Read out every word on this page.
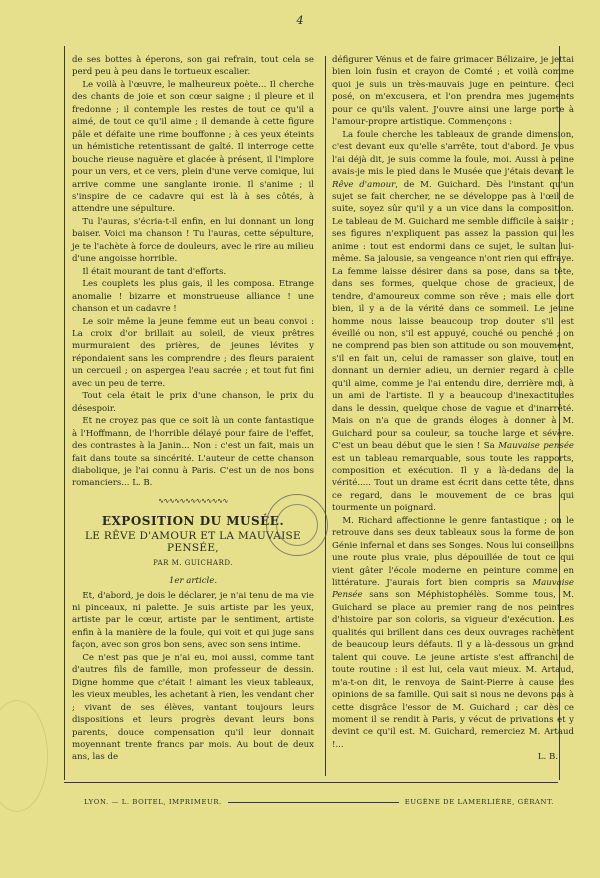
4

de ses bottes à éperons, son gai refrain, tout cela se perd peu à peu dans le tortueux escalier.

Le voilà à l'œuvre, le malheureux poète... Il cherche des chants de joie et son cœur saigne ; il pleure et il fredonne ; il contemple les restes de tout ce qu'il a aimé, de tout ce qu'il aime ; il demande à cette figure pâle et défaite une rime bouffonne ; à ces yeux éteints un hémistiche retentissant de gaîté. Il interroge cette bouche rieuse naguère et glacée à présent, il l'implore pour un vers, et ce vers, plein d'une verve comique, lui arrive comme une sanglante ironie. Il s'anime ; il s'inspire de ce cadavre qui est là à ses côtés, à attendre une sépulture.

Tu l'auras, s'écria-t-il enfin, en lui donnant un long baiser. Voici ma chanson ! Tu l'auras, cette sépulture, je te l'achète à force de douleurs, avec le rire au milieu d'une angoisse horrible.

Il était mourant de tant d'efforts.

Les couplets les plus gais, il les composa. Etrange anomalie ! bizarre et monstrueuse alliance ! une chanson et un cadavre !

Le soir même la jeune femme eut un beau convoi : La croix d'or brillait au soleil, de vieux prêtres murmuraient des prières, de jeunes lévites y répondaient sans les comprendre ; des fleurs paraient un cercueil ; on aspergea l'eau sacrée ; et tout fut fini avec un peu de terre.

Tout cela était le prix d'une chanson, le prix du désespoir.

Et ne croyez pas que ce soit là un conte fantastique à l'Hoffmann, de l'horrible délayé pour faire de l'effet, des contrastes à la Janin... Non : c'est un fait, mais un fait dans toute sa sincérité. L'auteur de cette chanson diabolique, je l'ai connu à Paris. C'est un de nos bons romanciers... L. B.

∿∿∿∿∿∿∿∿∿∿∿∿∿
EXPOSITION DU MUSÉE.
LE RÊVE D'AMOUR ET LA MAUVAISE PENSÉE,
PAR M. GUICHARD.
1er article.

Et, d'abord, je dois le déclarer, je n'ai tenu de ma vie ni pinceaux, ni palette. Je suis artiste par les yeux, artiste par le cœur, artiste par le sentiment, artiste enfin à la manière de la foule, qui voit et qui juge sans façon, avec son gros bon sens, avec son sens intime.

Ce n'est pas que je n'ai eu, moi aussi, comme tant d'autres fils de famille, mon professeur de dessin. Digne homme que c'était ! aimant les vieux tableaux, les vieux meubles, les achetant à rien, les vendant cher ; vivant de ses élèves, vantant toujours leurs dispositions et leurs progrès devant leurs bons parents, douce compensation qu'il leur donnait moyennant trente francs par mois. Au bout de deux ans, las de

défigurer Vénus et de faire grimacer Bélizaire, je jettai bien loin fusin et crayon de Comté ; et voilà comme quoi je suis un très-mauvais juge en peinture. Ceci posé, on m'excusera, et l'on prendra mes jugements pour ce qu'ils valent. J'ouvre ainsi une large porte à l'amour-propre artistique. Commençons :

La foule cherche les tableaux de grande dimension, c'est devant eux qu'elle s'arrête, tout d'abord. Je vous l'ai déjà dit, je suis comme la foule, moi. Aussi à peine avais-je mis le pied dans le Musée que j'étais devant le Rêve d'amour, de M. Guichard. Dès l'instant qu'un sujet se fait chercher, ne se développe pas à l'œil de suite, soyez sûr qu'il y a un vice dans la composition. Le tableau de M. Guichard me semble difficile à saisir ; ses figures n'expliquent pas assez la passion qui les anime : tout est endormi dans ce sujet, le sultan lui-même. Sa jalousie, sa vengeance n'ont rien qui effraye. La femme laisse désirer dans sa pose, dans sa tête, dans ses formes, quelque chose de gracieux, de tendre, d'amoureux comme son rêve ; mais elle dort bien, il y a de la vérité dans ce sommeil. Le jeune homme nous laisse beaucoup trop douter s'il est éveillé ou non, s'il est appuyé, couché ou penché ; on ne comprend pas bien son attitude ou son mouvement, s'il en fait un, celui de ramasser son glaive, tout en donnant un dernier adieu, un dernier regard à celle qu'il aime, comme je l'ai entendu dire, derrière moi, à un ami de l'artiste. Il y a beaucoup d'inexactitudes dans le dessin, quelque chose de vague et d'inarrêté. Mais on n'a que de grands éloges à donner à M. Guichard pour sa couleur, sa touche large et sévère. C'est un beau début que le sien ! Sa Mauvaise pensée est un tableau remarquable, sous toute les rapports, composition et exécution. Il y a là-dedans de la vérité..... Tout un drame est écrit dans cette tête, dans ce regard, dans le mouvement de ce bras qui tourmente un poignard.

M. Richard affectionne le genre fantastique ; on le retrouve dans ses deux tableaux sous la forme de son Génie infernal et dans ses Songes. Nous lui conseillons une route plus vraie, plus dépouillée de tout ce qui vient gâter l'école moderne en peinture comme en littérature. J'aurais fort bien compris sa Mauvaise Pensée sans son Méphistophélès. Somme tous, M. Guichard se place au premier rang de nos peintres d'histoire par son coloris, sa vigueur d'exécution. Les qualités qui brillent dans ces deux ouvrages rachètent de beaucoup leurs défauts. Il y a là-dessous un grand talent qui couve. Le jeune artiste s'est affranchi de toute routine : il est lui, cela vaut mieux. M. Artaud, m'a-t-on dit, le renvoya de Saint-Pierre à cause des opinions de sa famille. Qui sait si nous ne devons pas à cette disgrâce l'essor de M. Guichard ; car dès ce moment il se rendit à Paris, y vécut de privations et y devint ce qu'il est. M. Guichard, remerciez M. Artaud !...

L. B.
LYON. — L. BOITEL, IMPRIMEUR.	EUGÈNE DE LAMERLIÈRE, GÉRANT.
